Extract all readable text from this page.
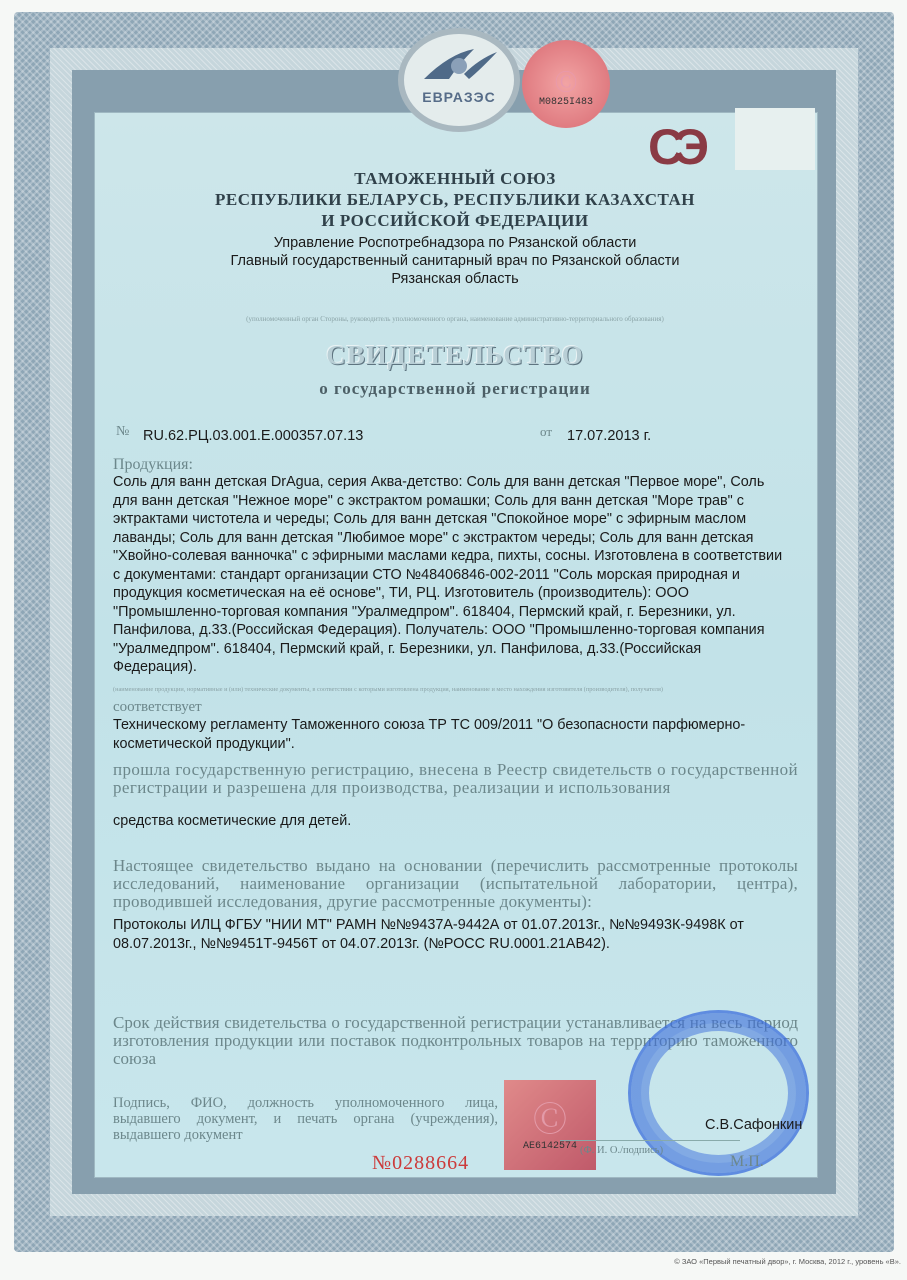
ЕВРАЗЭС
Ⓒ
M0825I483
СЭ
ТАМОЖЕННЫЙ СОЮЗ
РЕСПУБЛИКИ БЕЛАРУСЬ, РЕСПУБЛИКИ КАЗАХСТАН
И РОССИЙСКОЙ ФЕДЕРАЦИИ
Управление Роспотребнадзора по Рязанской области
Главный государственный санитарный врач по Рязанской области
Рязанская область
(уполномоченный орган Стороны, руководитель уполномоченного органа, наименование административно-территориального образования)
СВИДЕТЕЛЬСТВО
о государственной регистрации
№ RU.62.РЦ.03.001.Е.000357.07.13	от 17.07.2013 г.
Продукция:
Соль для ванн детская DrAgua, серия Аква-детство: Соль для ванн детская "Первое море", Соль
для ванн детская "Нежное море" с экстрактом ромашки; Соль для ванн детская "Море трав" с
эктрактами чистотела и череды; Соль для ванн детская "Спокойное море" с эфирным маслом
лаванды; Соль для ванн детская "Любимое море" с экстрактом череды; Соль для ванн детская
"Хвойно-солевая ванночка" с эфирными маслами кедра, пихты, сосны. Изготовлена в соответствии
с документами: стандарт организации СТО №48406846-002-2011 "Соль морская природная и
продукция косметическая на её основе", ТИ, РЦ. Изготовитель (производитель): ООО
"Промышленно-торговая компания "Уралмедпром". 618404, Пермский край, г. Березники, ул.
Панфилова, д.33.(Российская Федерация). Получатель: ООО "Промышленно-торговая компания
"Уралмедпром". 618404, Пермский край, г. Березники, ул. Панфилова, д.33.(Российская
Федерация).
(наименование продукции, нормативные и (или) технические документы, в соответствии с которыми изготовлена продукция, наименование и место нахождения изготовителя (производителя), получателя)
соответствует
Техническому регламенту Таможенного союза ТР ТС 009/2011 "О безопасности парфюмерно-
косметической продукции".
прошла государственную регистрацию, внесена в Реестр свидетельств о государственной регистрации и разрешена для производства, реализации и использования
средства косметические для детей.
Настоящее свидетельство выдано на основании (перечислить рассмотренные протоколы исследований, наименование организации (испытательной лаборатории, центра), проводившей исследования, другие рассмотренные документы):
Протоколы ИЛЦ ФГБУ "НИИ МТ" РАМН №№9437А-9442А от 01.07.2013г., №№9493К-9498К от
08.07.2013г., №№9451Т-9456Т от 04.07.2013г. (№РОСС RU.0001.21АВ42).
Срок действия свидетельства о государственной регистрации устанавливается на весь период изготовления продукции или поставок подконтрольных товаров на территорию таможенного союза
Подпись, ФИО, должность уполномоченного лица, выдавшего документ, и печать органа (учреждения), выдавшего документ	Ⓒ
AE6142574
С.В.Сафонкин
(Ф. И. О./подпись)
М.П.
№0288664
© ЗАО «Первый печатный двор», г. Москва, 2012 г., уровень «В».
